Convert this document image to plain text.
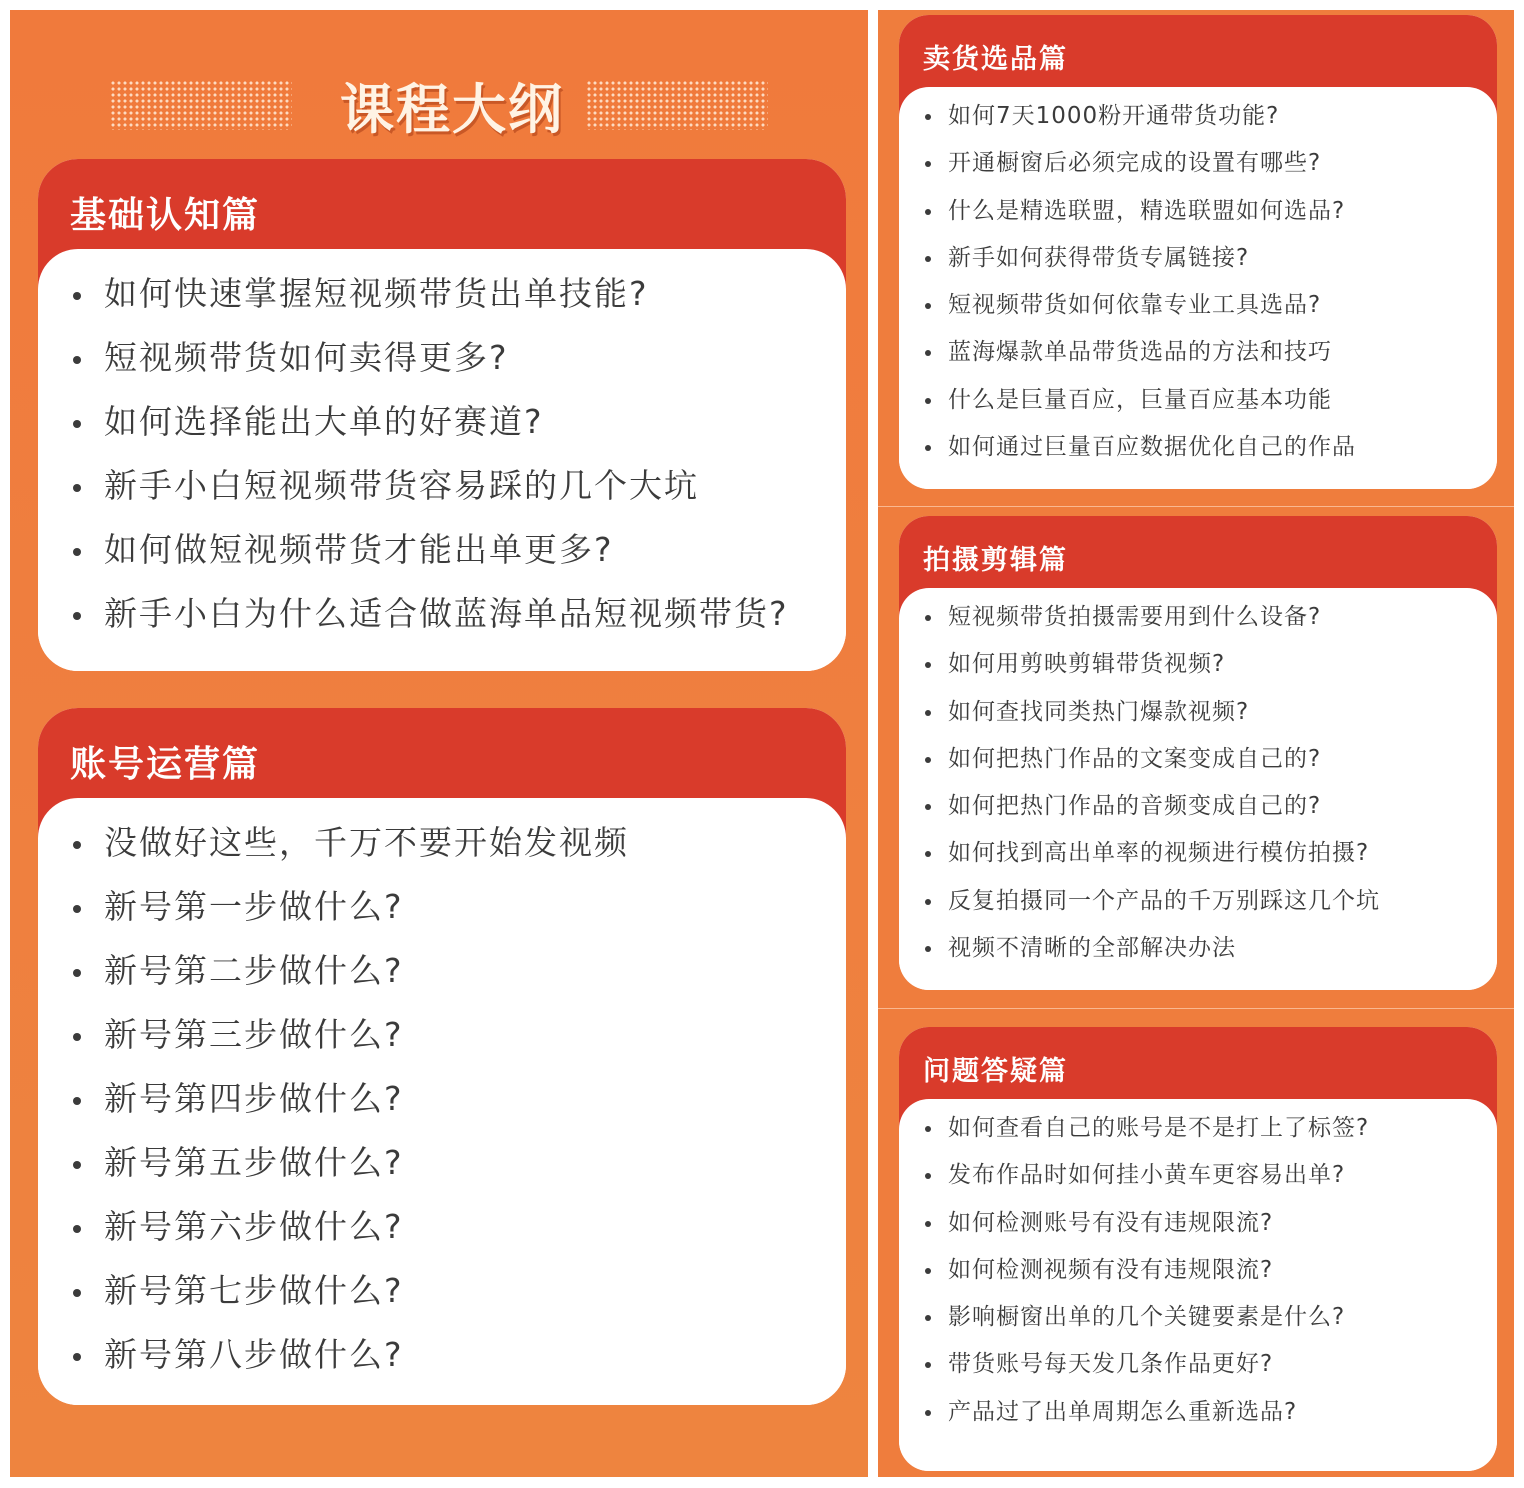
课程大纲
基础认知篇
如何快速掌握短视频带货出单技能?
短视频带货如何卖得更多?
如何选择能出大单的好赛道?
新手小白短视频带货容易踩的几个大坑
如何做短视频带货才能出单更多?
新手小白为什么适合做蓝海单品短视频带货?
账号运营篇
没做好这些，千万不要开始发视频
新号第一步做什么?
新号第二步做什么?
新号第三步做什么?
新号第四步做什么?
新号第五步做什么?
新号第六步做什么?
新号第七步做什么?
新号第八步做什么?
卖货选品篇
如何7天1000粉开通带货功能?
开通橱窗后必须完成的设置有哪些?
什么是精选联盟，精选联盟如何选品?
新手如何获得带货专属链接?
短视频带货如何依靠专业工具选品?
蓝海爆款单品带货选品的方法和技巧
什么是巨量百应，巨量百应基本功能
如何通过巨量百应数据优化自己的作品
拍摄剪辑篇
短视频带货拍摄需要用到什么设备?
如何用剪映剪辑带货视频?
如何查找同类热门爆款视频?
如何把热门作品的文案变成自己的?
如何把热门作品的音频变成自己的?
如何找到高出单率的视频进行模仿拍摄?
反复拍摄同一个产品的千万别踩这几个坑
视频不清晰的全部解决办法
问题答疑篇
如何查看自己的账号是不是打上了标签?
发布作品时如何挂小黄车更容易出单?
如何检测账号有没有违规限流?
如何检测视频有没有违规限流?
影响橱窗出单的几个关键要素是什么?
带货账号每天发几条作品更好?
产品过了出单周期怎么重新选品?
